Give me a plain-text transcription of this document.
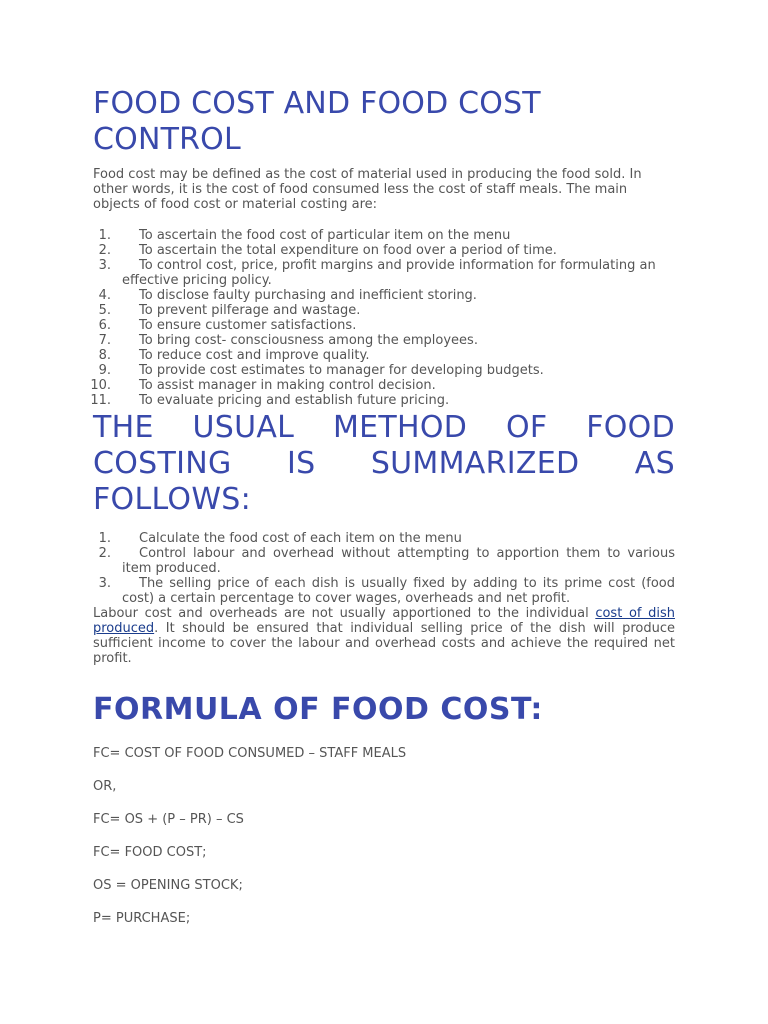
FOOD COST AND FOOD COST CONTROL

Food cost may be defined as the cost of material used in producing the food sold. In other words, it is the cost of food consumed less the cost of staff meals. The main objects of food cost or material costing are:

1.	To ascertain the food cost of particular item on the menu
2.	To ascertain the total expenditure on food over a period of time.
3.	To control cost, price, profit margins and provide information for formulating an effective pricing policy.
4.	To disclose faulty purchasing and inefficient storing.
5.	To prevent pilferage and wastage.
6.	To ensure customer satisfactions.
7.	To bring cost- consciousness among the employees.
8.	To reduce cost and improve quality.
9.	To provide cost estimates to manager for developing budgets.
10.	To assist manager in making control decision.
11.	To evaluate pricing and establish future pricing.
THE USUAL METHOD OF FOOD
COSTING IS SUMMARIZED AS
FOLLOWS:
1.	Calculate the food cost of each item on the menu
2.	Control labour and overhead without attempting to apportion them to various item produced.
3.	The selling price of each dish is usually fixed by adding to its prime cost (food cost) a certain percentage to cover wages, overheads and net profit.

Labour cost and overheads are not usually apportioned to the individual cost of dish produced. It should be ensured that individual selling price of the dish will produce sufficient income to cover the labour and overhead costs and achieve the required net profit.

FORMULA OF FOOD COST:
FC= COST OF FOOD CONSUMED – STAFF MEALS
OR,
FC= OS + (P – PR) – CS
FC= FOOD COST;
OS = OPENING STOCK;
P= PURCHASE;
